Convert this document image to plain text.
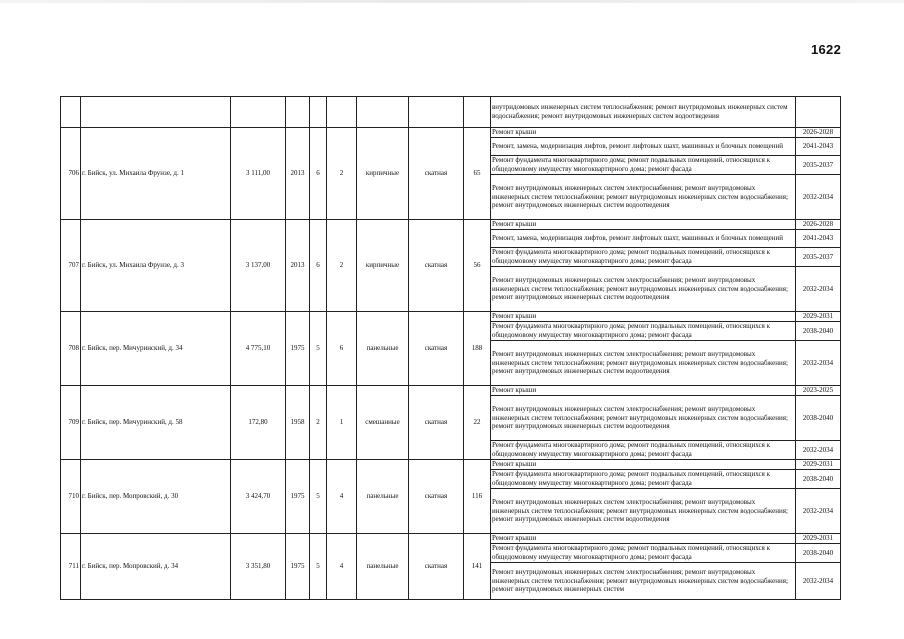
1622
									внутридомовых инженерных систем теплоснабжения; ремонт внутридомовых инженерных систем водоснабжения; ремонт внутридомовых инженерных систем водоотведения	
706	г. Бийск, ул. Михаила Фрунзе, д. 1	3 111,00	2013	6	2	кирпичные	скатная	65	Ремонт крыши	2026-2028
									Ремонт, замена, модернизация лифтов, ремонт лифтовых шахт, машинных и блочных помещений	2041-2043
									Ремонт фундамента многоквартирного дома; ремонт подвальных помещений, относящихся к общедомовому имуществу многоквартирного дома; ремонт фасада	2035-2037
									Ремонт внутридомовых инженерных систем электроснабжения; ремонт внутридомовых инженерных систем теплоснабжения; ремонт внутридомовых инженерных систем водоснабжения; ремонт внутридомовых инженерных систем водоотведения	2032-2034
707	г. Бийск, ул. Михаила Фрунзе, д. 3	3 137,00	2013	6	2	кирпичные	скатная	56	Ремонт крыши	2026-2028
									Ремонт, замена, модернизация лифтов, ремонт лифтовых шахт, машинных и блочных помещений	2041-2043
									Ремонт фундамента многоквартирного дома; ремонт подвальных помещений, относящихся к общедомовому имуществу многоквартирного дома; ремонт фасада	2035-2037
									Ремонт внутридомовых инженерных систем электроснабжения; ремонт внутридомовых инженерных систем теплоснабжения; ремонт внутридомовых инженерных систем водоснабжения; ремонт внутридомовых инженерных систем водоотведения	2032-2034
708	г. Бийск, пер. Мичуринский, д. 34	4 775,10	1975	5	6	панельные	скатная	188	Ремонт крыши	2029-2031
									Ремонт фундамента многоквартирного дома; ремонт подвальных помещений, относящихся к общедомовому имуществу многоквартирного дома; ремонт фасада	2038-2040
									Ремонт внутридомовых инженерных систем электроснабжения; ремонт внутридомовых инженерных систем теплоснабжения; ремонт внутридомовых инженерных систем водоснабжения; ремонт внутридомовых инженерных систем водоотведения	2032-2034
709	г. Бийск, пер. Мичуринский, д. 58	172,80	1958	2	1	смешанные	скатная	22	Ремонт крыши	2023-2025
									Ремонт внутридомовых инженерных систем электроснабжения; ремонт внутридомовых инженерных систем теплоснабжения; ремонт внутридомовых инженерных систем водоснабжения; ремонт внутридомовых инженерных систем водоотведения	2038-2040
									Ремонт фундамента многоквартирного дома; ремонт подвальных помещений, относящихся к общедомовому имуществу многоквартирного дома; ремонт фасада	2032-2034
710	г. Бийск, пер. Мопровский, д. 30	3 424,70	1975	5	4	панельные	скатная	116	Ремонт крыши	2029-2031
									Ремонт фундамента многоквартирного дома; ремонт подвальных помещений, относящихся к общедомовому имуществу многоквартирного дома; ремонт фасада	2038-2040
									Ремонт внутридомовых инженерных систем электроснабжения; ремонт внутридомовых инженерных систем теплоснабжения; ремонт внутридомовых инженерных систем водоснабжения; ремонт внутридомовых инженерных систем водоотведения	2032-2034
711	г. Бийск, пер. Мопровский, д. 34	3 351,80	1975	5	4	панельные	скатная	141	Ремонт крыши	2029-2031
									Ремонт фундамента многоквартирного дома; ремонт подвальных помещений, относящихся к общедомовому имуществу многоквартирного дома; ремонт фасада	2038-2040
									Ремонт внутридомовых инженерных систем электроснабжения; ремонт внутридомовых инженерных систем теплоснабжения; ремонт внутридомовых инженерных систем водоснабжения; ремонт внутридомовых инженерных систем	2032-2034
